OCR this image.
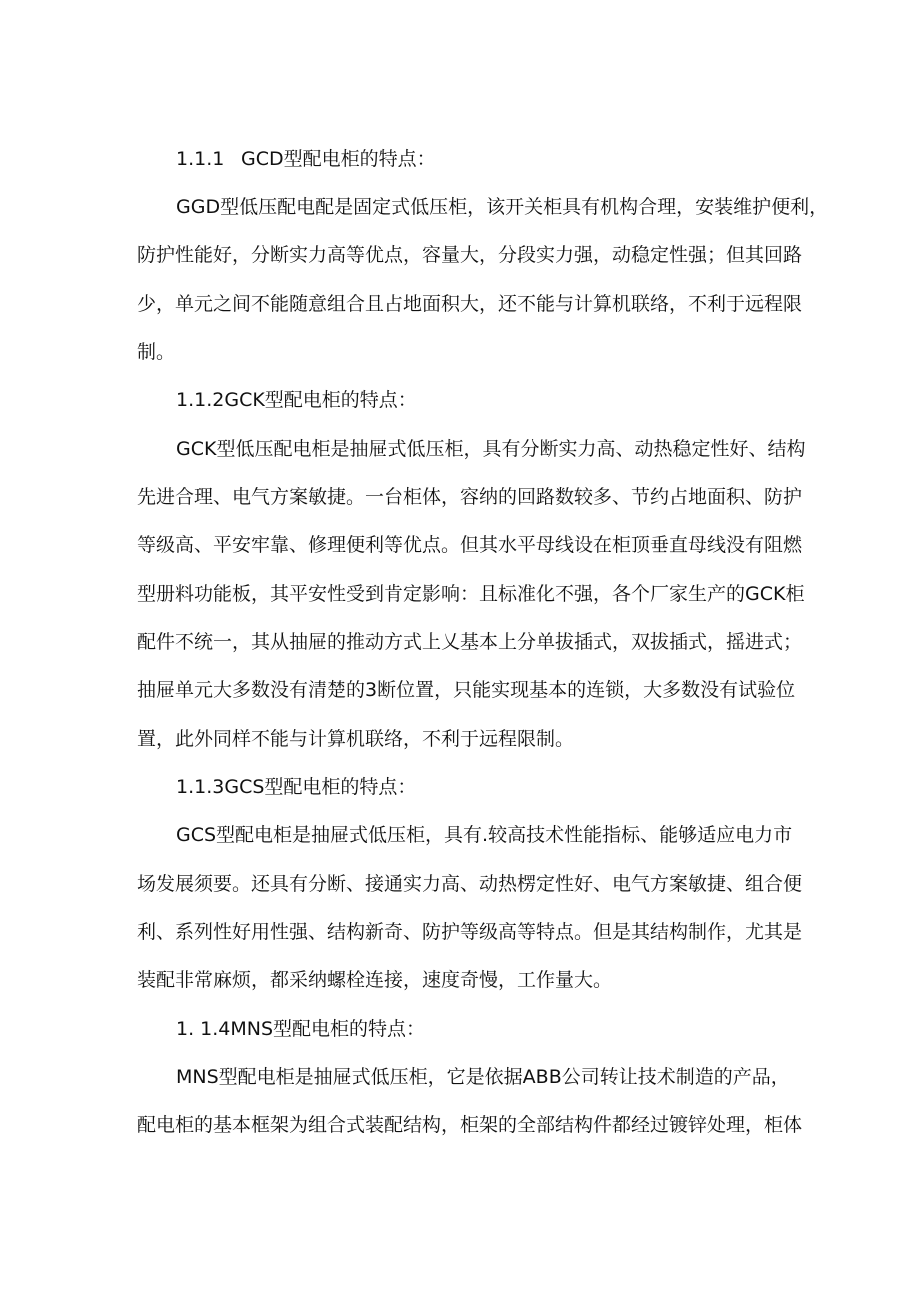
1.1.1 GCD型配电柜的特点：
GGD型低压配电配是固定式低压柜，该开关柜具有机构合理，安装维护便利，
防护性能好，分断实力高等优点，容量大，分段实力强，动稳定性强；但其回路
少，单元之间不能随意组合且占地面积大，还不能与计算机联络，不利于远程限
制。
1.1.2GCK型配电柜的特点：
GCK型低压配电柜是抽屉式低压柜，具有分断实力高、动热稳定性好、结构
先进合理、电气方案敏捷。一台柜体，容纳的回路数较多、节约占地面积、防护
等级高、平安牢靠、修理便利等优点。但其水平母线设在柜顶垂直母线没有阻燃
型册料功能板，其平安性受到肯定影响：且标准化不强，各个厂家生产的GCK柜
配件不统一，其从抽屉的推动方式上乂基本上分单拔插式，双拔插式，摇进式；
抽屉单元大多数没有清楚的3断位置，只能实现基本的连锁，大多数没有试验位
置，此外同样不能与计算机联络，不利于远程限制。
1.1.3GCS型配电柜的特点：
GCS型配电柜是抽屉式低压柜，具有.较高技术性能指标、能够适应电力市
场发展须要。还具有分断、接通实力高、动热楞定性好、电气方案敏捷、组合便
利、系列性好用性强、结构新奇、防护等级高等特点。但是其结构制作，尤其是
装配非常麻烦，都采纳螺栓连接，速度奇慢，工作量大。
1. 1.4MNS型配电柜的特点：
MNS型配电柜是抽屉式低压柜，它是依据ABB公司转让技术制造的产品，
配电柜的基本框架为组合式装配结构，柜架的全部结构件都经过镀锌处理，柜体
